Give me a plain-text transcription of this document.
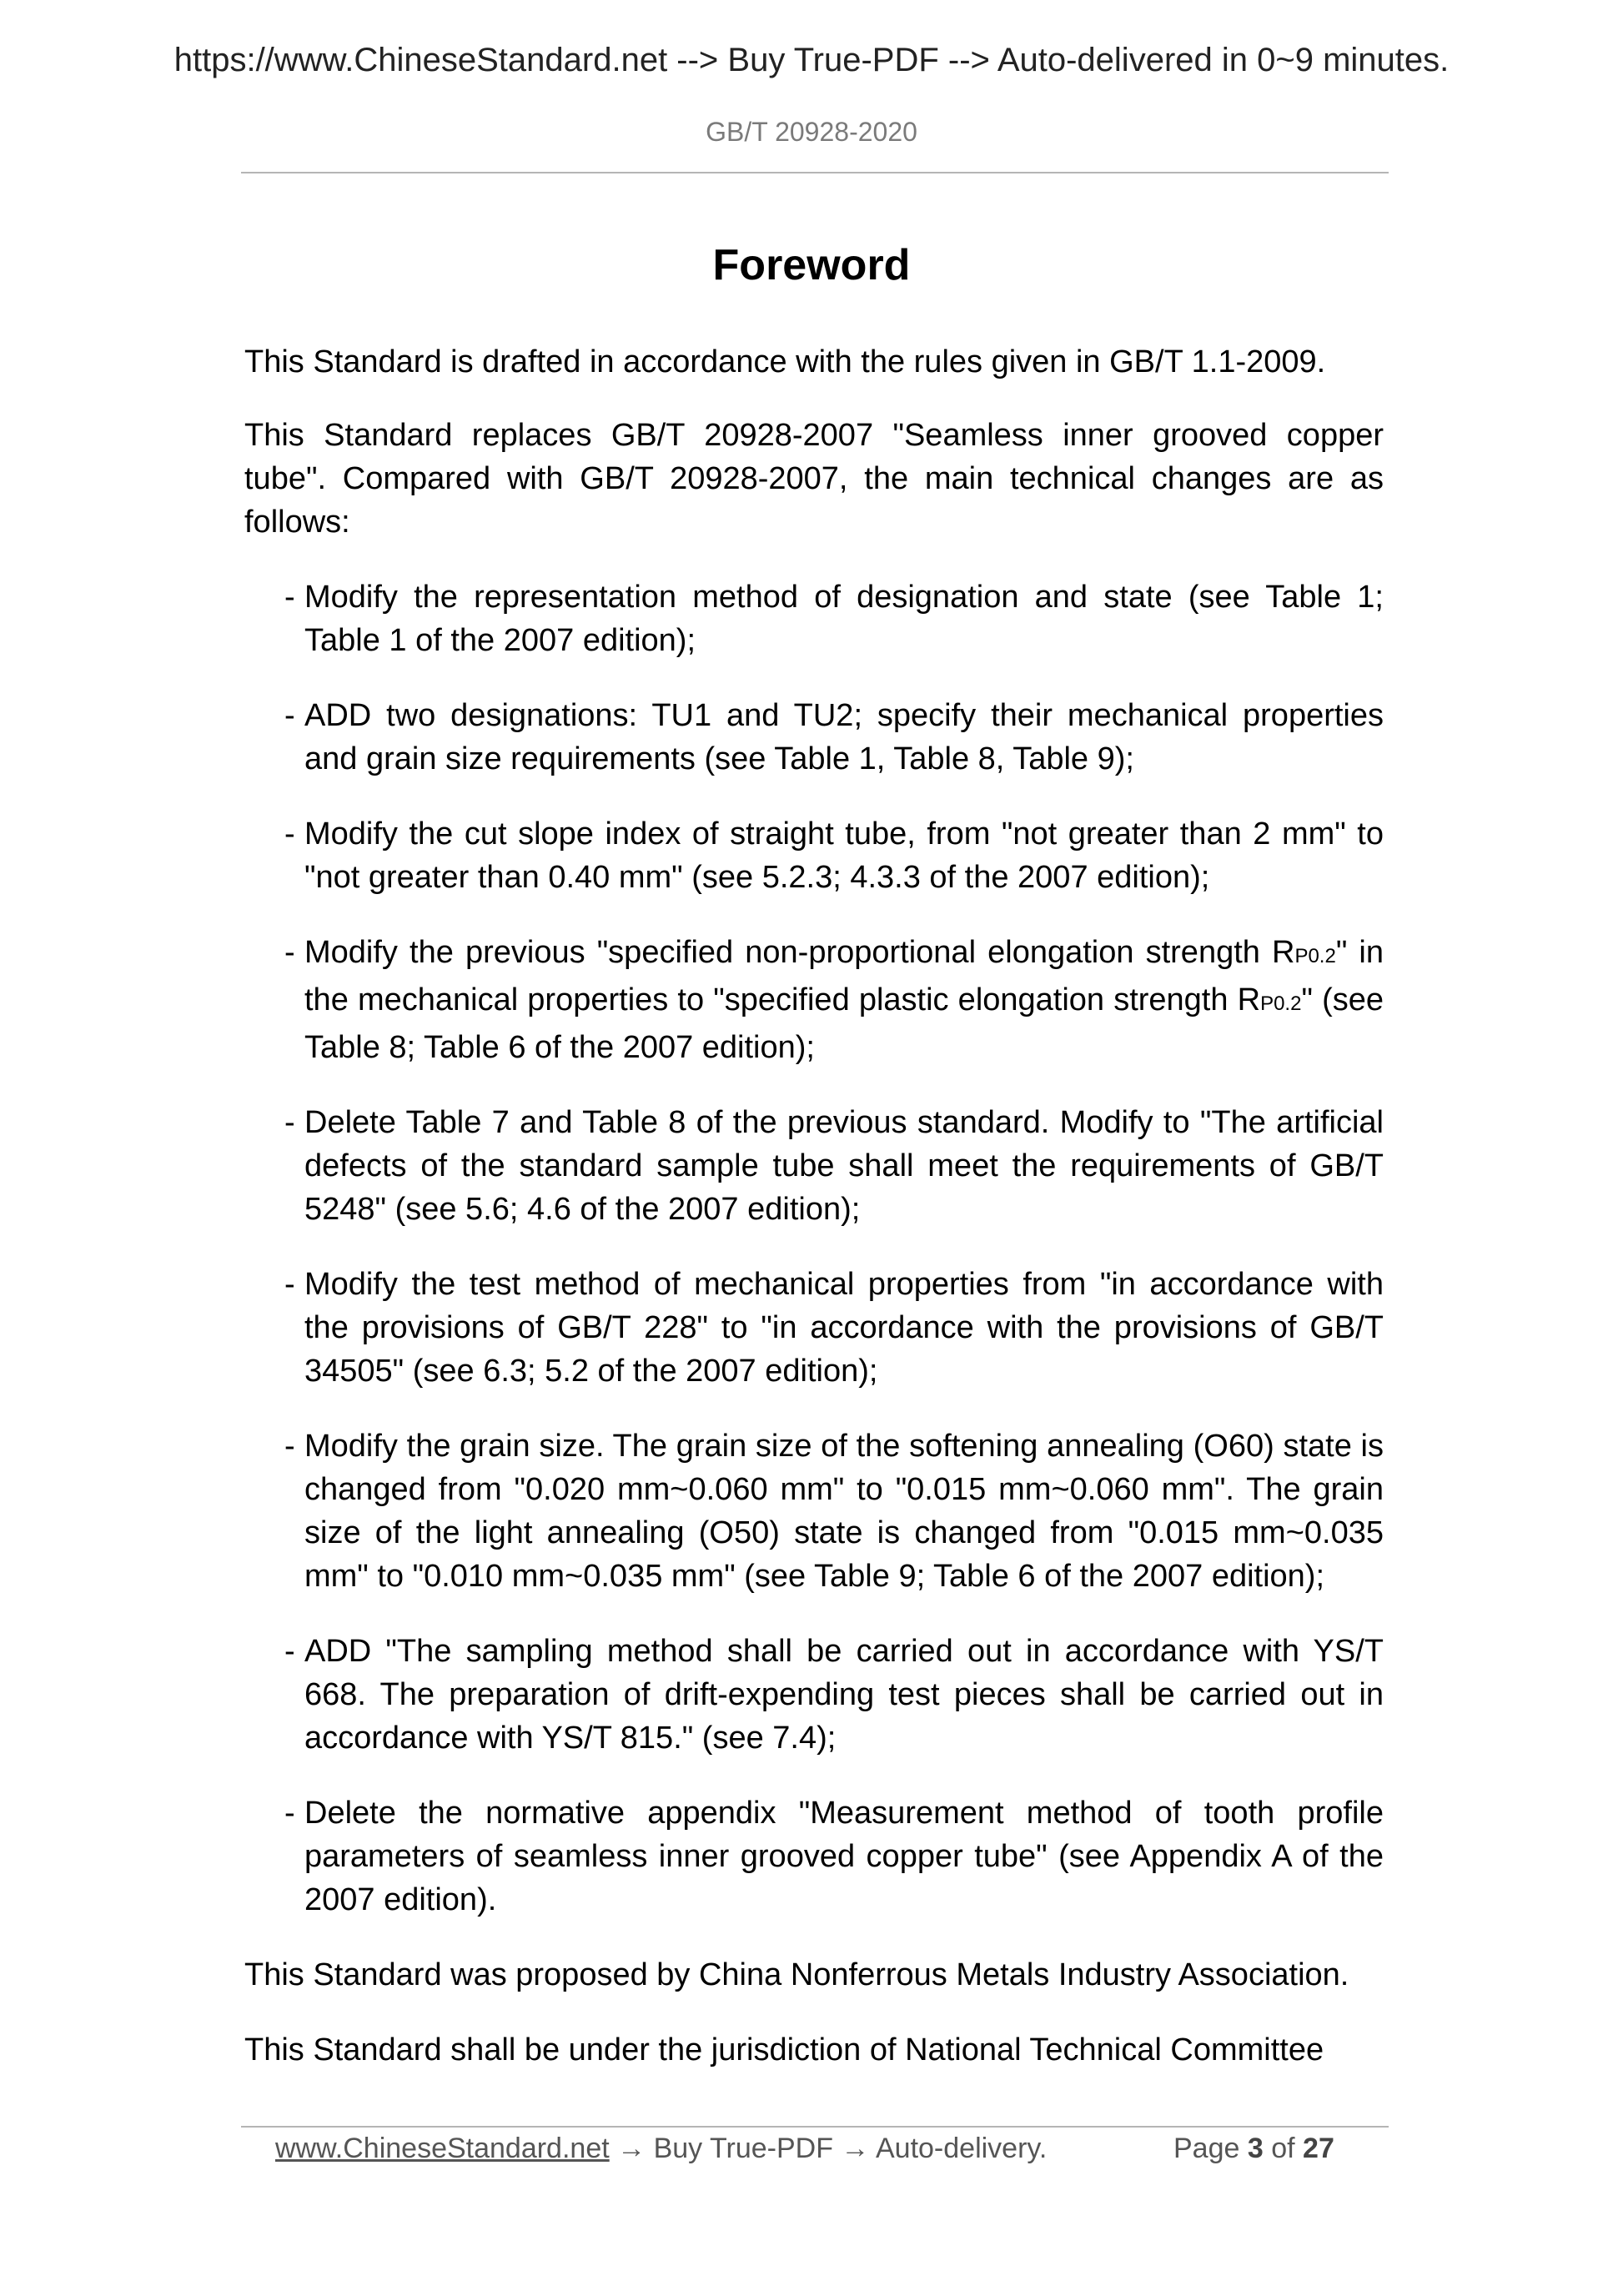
https://www.ChineseStandard.net --> Buy True-PDF --> Auto-delivered in 0~9 minutes.
GB/T 20928-2020
Foreword

This Standard is drafted in accordance with the rules given in GB/T 1.1-2009.

This Standard replaces GB/T 20928-2007 "Seamless inner grooved copper tube". Compared with GB/T 20928-2007, the main technical changes are as follows:

- Modify the representation method of designation and state (see Table 1; Table 1 of the 2007 edition);
- ADD two designations: TU1 and TU2; specify their mechanical properties and grain size requirements (see Table 1, Table 8, Table 9);
- Modify the cut slope index of straight tube, from "not greater than 2 mm" to "not greater than 0.40 mm" (see 5.2.3; 4.3.3 of the 2007 edition);
- Modify the previous "specified non-proportional elongation strength RP0.2" in the mechanical properties to "specified plastic elongation strength RP0.2" (see Table 8; Table 6 of the 2007 edition);
- Delete Table 7 and Table 8 of the previous standard. Modify to "The artificial defects of the standard sample tube shall meet the requirements of GB/T 5248" (see 5.6; 4.6 of the 2007 edition);
- Modify the test method of mechanical properties from "in accordance with the provisions of GB/T 228" to "in accordance with the provisions of GB/T 34505" (see 6.3; 5.2 of the 2007 edition);
- Modify the grain size. The grain size of the softening annealing (O60) state is changed from "0.020 mm~0.060 mm" to "0.015 mm~0.060 mm". The grain size of the light annealing (O50) state is changed from "0.015 mm~0.035 mm" to "0.010 mm~0.035 mm" (see Table 9; Table 6 of the 2007 edition);
- ADD "The sampling method shall be carried out in accordance with YS/T 668. The preparation of drift-expending test pieces shall be carried out in accordance with YS/T 815." (see 7.4);
- Delete the normative appendix "Measurement method of tooth profile parameters of seamless inner grooved copper tube" (see Appendix A of the 2007 edition).

This Standard was proposed by China Nonferrous Metals Industry Association.

This Standard shall be under the jurisdiction of National Technical Committee

www.ChineseStandard.net → Buy True-PDF → Auto-delivery.	Page 3 of 27
